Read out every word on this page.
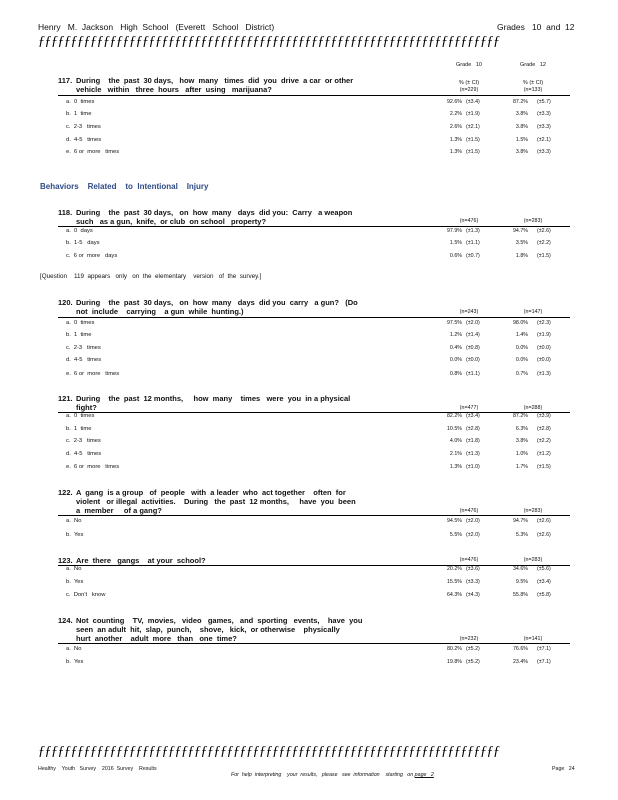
Henry   M.  Jackson   High  School   (Everett   School   District)	Grades   10  and  12
ƒƒƒƒƒƒƒƒƒƒƒƒƒƒƒƒƒƒƒƒƒƒƒƒƒƒƒƒƒƒƒƒƒƒƒƒƒƒƒƒƒƒƒƒƒƒƒƒƒƒƒƒƒƒƒƒƒƒƒƒƒƒƒƒƒƒƒƒƒƒƒ
Grade   10	Grade   12
117. During    the  past  30 days,   how  many   times  did  you  drive  a car  or other
vehicle   within   three  hours   after  using   marijuana?
% (± CI)	% (± CI)
(n=229)	(n=133)
a.  0  times	92.6% (±3.4)	87.2% (±5.7)
b.  1  time	2.2% (±1.9)	3.8% (±3.3)
c.  2-3   times	2.6% (±2.1)	3.8% (±3.3)
d.  4-5   times	1.3% (±1.5)	1.5% (±2.1)
e.  6 or  more   times	1.3% (±1.5)	3.8% (±3.3)
Behaviors    Related    to  Intentional    Injury
118. During    the  past  30 days,   on  how  many   days  did you:  Carry   a weapon
such   as a gun,  knife,  or club  on school   property?	(n=476)	(n=283)
a.  0  days	97.9% (±1.3)	94.7% (±2.6)
b.  1-5   days	1.5% (±1.1)	3.5% (±2.2)
c.  6 or  more   days	0.6% (±0.7)	1.8% (±1.5)
[Question    119  appears   only   on  the  elementary    version   of  the  survey.]
120. During    the  past  30 days,   on  how  many   days  did you  carry   a gun?   (Do
not  include    carrying    a gun  while  hunting.)	(n=243)	(n=147)
a.  0  times	97.5% (±2.0)	98.0% (±2.3)
b.  1  time	1.2% (±1.4)	1.4% (±1.9)
c.  2-3   times	0.4% (±0.8)	0.0% (±0.0)
d.  4-5   times	0.0% (±0.0)	0.0% (±0.0)
e.  6 or  more   times	0.8% (±1.1)	0.7% (±1.3)
121. During    the  past  12 months,     how  many    times   were  you  in a physical
fight?	(n=477)	(n=288)
a.  0  times	82.2% (±3.4)	87.2% (±3.9)
b.  1  time	10.5% (±2.8)	6.3% (±2.8)
c.  2-3   times	4.0% (±1.8)	3.8% (±2.2)
d.  4-5   times	2.1% (±1.3)	1.0% (±1.2)
e.  6 or  more   times	1.3% (±1.0)	1.7% (±1.5)
122. A  gang  is a group   of  people   with  a leader  who  act together    often  for
violent   or illegal  activities.    During   the  past  12 months,     have  you  been
a  member     of a gang?	(n=476)	(n=283)
a.  No	94.5% (±2.0)	94.7% (±2.6)
b.  Yes	5.5% (±2.0)	5.3% (±2.6)
123. Are  there   gangs    at your  school?	(n=476)	(n=283)
a.  No	20.2% (±3.6)	34.6% (±5.6)
b.  Yes	15.5% (±3.3)	9.5% (±3.4)
c.  Don't   know	64.3% (±4.3)	55.8% (±5.8)
124. Not  counting    TV,  movies,   video   games,   and  sporting   events,    have  you
seen  an adult  hit,  slap,  punch,    shove,   kick,  or otherwise    physically
hurt  another    adult  more   than   one  time?	(n=232)	(n=141)
a.  No	80.2% (±5.2)	76.6% (±7.1)
b.  Yes	19.8% (±5.2)	23.4% (±7.1)
ƒƒƒƒƒƒƒƒƒƒƒƒƒƒƒƒƒƒƒƒƒƒƒƒƒƒƒƒƒƒƒƒƒƒƒƒƒƒƒƒƒƒƒƒƒƒƒƒƒƒƒƒƒƒƒƒƒƒƒƒƒƒƒƒƒƒƒƒƒƒƒ
Healthy    Youth   Survey    2016  Survey    Results

For  help  interpreting    your  results,   please   see  information    starting   on page   2

Page   24
